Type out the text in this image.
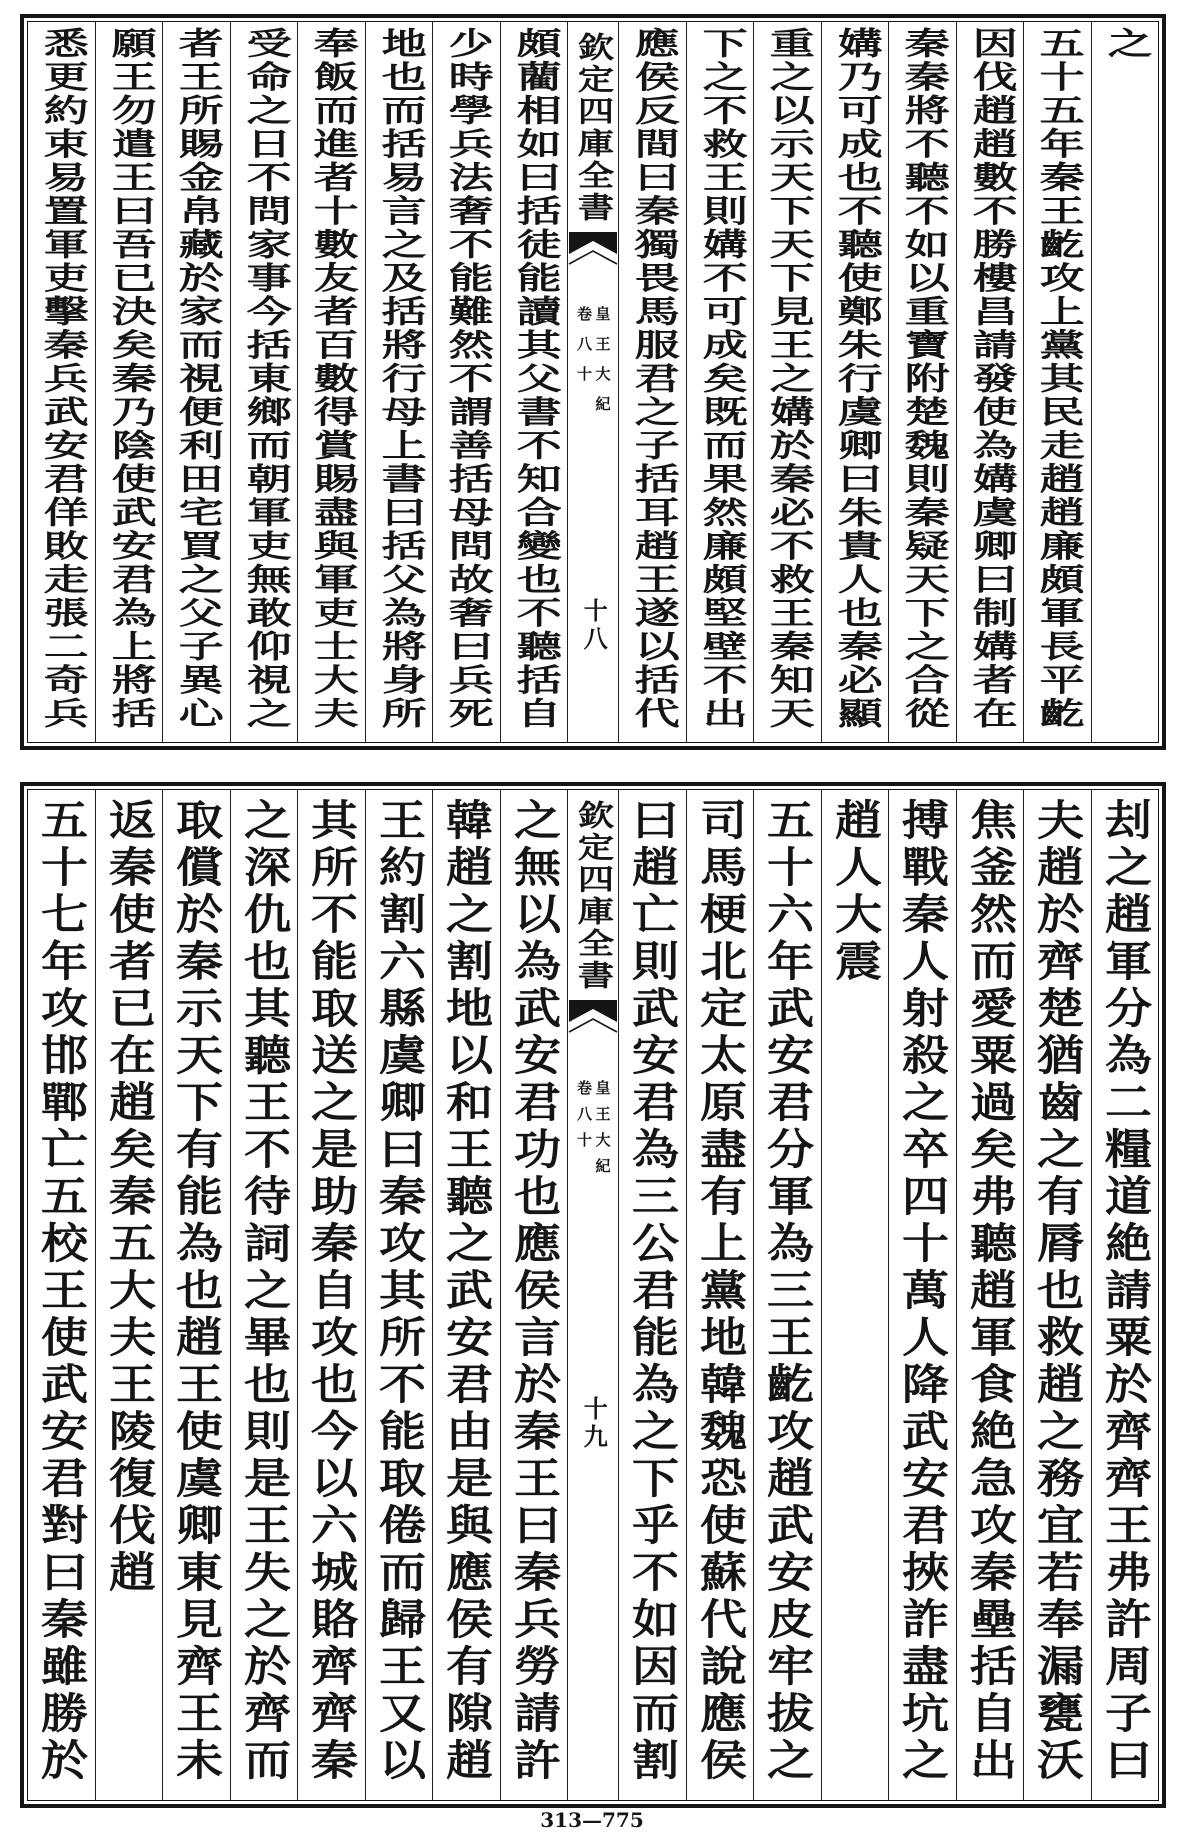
之
五十五年秦王齕攻上黨其民走趙趙廉頗軍長平齕
因伐趙趙數不勝樓昌請發使為媾虞卿曰制媾者在
秦秦將不聽不如以重寶附楚魏則秦疑天下之合從
媾乃可成也不聽使鄭朱行虞卿曰朱貴人也秦必顯
重之以示天下天下見王之媾於秦必不救王秦知天
下之不救王則媾不可成矣既而果然廉頗堅壁不出
應侯反間曰秦獨畏馬服君之子括耳趙王遂以括代
欽定四庫全書
皇王大紀
卷八十
十八
頗藺相如曰括徒能讀其父書不知合變也不聽括自
少時學兵法奢不能難然不謂善括母問故奢曰兵死
地也而括易言之及括將行母上書曰括父為將身所
奉飯而進者十數友者百數得賞賜盡與軍吏士大夫
受命之日不問家事今括東鄉而朝軍吏無敢仰視之
者王所賜金帛藏於家而視便利田宅買之父子異心
願王勿遣王曰吾已決矣秦乃陰使武安君為上將括
悉更約束易置軍吏擊秦兵武安君佯敗走張二奇兵
刦之趙軍分為二糧道絶請粟於齊齊王弗許周子曰
夫趙於齊楚猶齒之有脣也救趙之務宜若奉漏甕沃
焦釜然而愛粟過矣弗聽趙軍食絶急攻秦壘括自出
搏戰秦人射殺之卒四十萬人降武安君挾詐盡坑之
趙人大震
五十六年武安君分軍為三王齕攻趙武安皮牢拔之
司馬梗北定太原盡有上黨地韓魏恐使蘇代說應侯
曰趙亡則武安君為三公君能為之下乎不如因而割
欽定四庫全書
皇王大紀
卷八十
十九
之無以為武安君功也應侯言於秦王曰秦兵勞請許
韓趙之割地以和王聽之武安君由是與應侯有隙趙
王約割六縣虞卿曰秦攻其所不能取倦而歸王又以
其所不能取送之是助秦自攻也今以六城賂齊齊秦
之深仇也其聽王不待詞之畢也則是王失之於齊而
取償於秦示天下有能為也趙王使虞卿東見齊王未
返秦使者已在趙矣秦五大夫王陵復伐趙
五十七年攻邯鄲亡五校王使武安君對曰秦雖勝於
313—775
